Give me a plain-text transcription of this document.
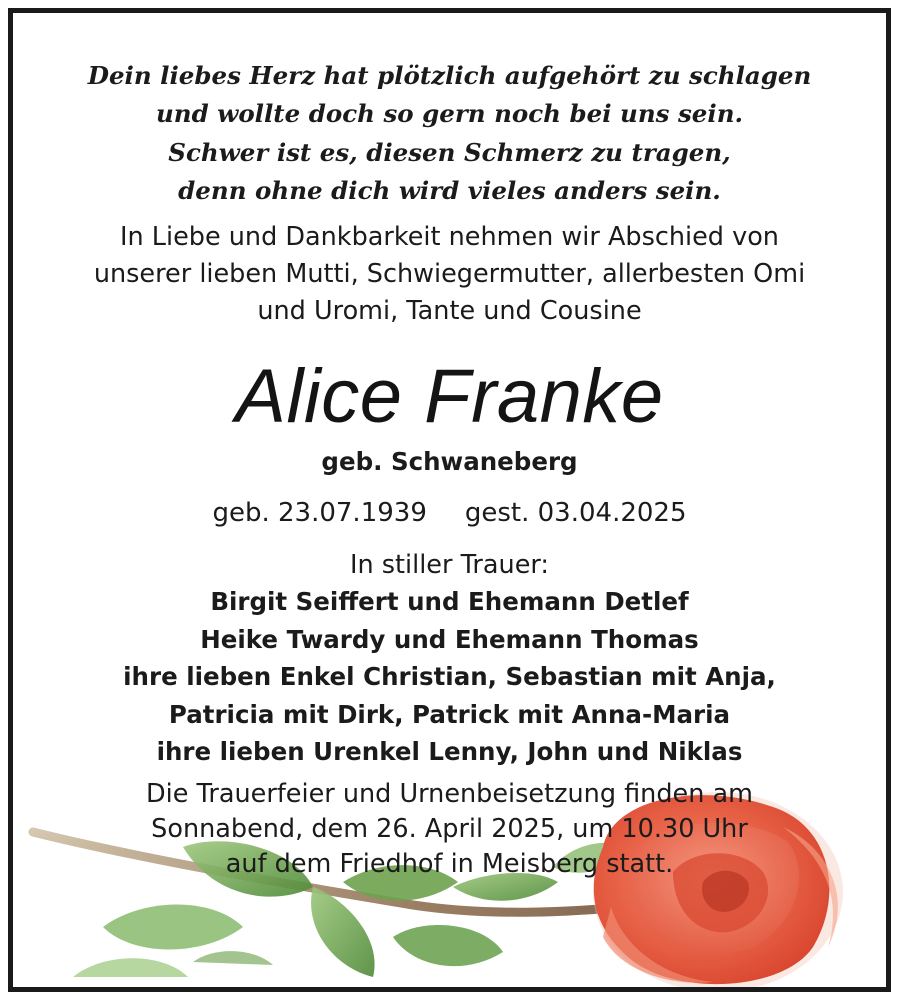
Dein liebes Herz hat plötzlich aufgehört zu schlagen
und wollte doch so gern noch bei uns sein.
Schwer ist es, diesen Schmerz zu tragen,
denn ohne dich wird vieles anders sein.
In Liebe und Dankbarkeit nehmen wir Abschied von
unserer lieben Mutti, Schwiegermutter, allerbesten Omi
und Uromi, Tante und Cousine
Alice Franke
geb. Schwaneberg
geb. 23.07.1939 gest. 03.04.2025
In stiller Trauer:
Birgit Seiffert und Ehemann Detlef
Heike Twardy und Ehemann Thomas
ihre lieben Enkel Christian, Sebastian mit Anja,
Patricia mit Dirk, Patrick mit Anna-Maria
ihre lieben Urenkel Lenny, John und Niklas
Die Trauerfeier und Urnenbeisetzung finden am
Sonnabend, dem 26. April 2025, um 10.30 Uhr
auf dem Friedhof in Meisberg statt.
